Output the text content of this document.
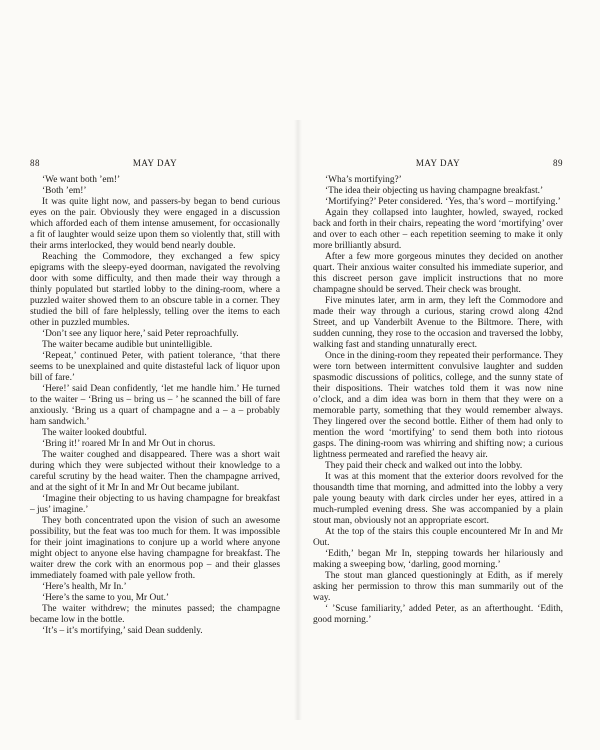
88	MAY DAY

‘We want both ’em!’

‘Both ’em!’

It was quite light now, and passers-by began to bend curious eyes on the pair. Obviously they were engaged in a discussion which afforded each of them intense amusement, for occasionally a fit of laughter would seize upon them so violently that, still with their arms interlocked, they would bend nearly double.

Reaching the Commodore, they exchanged a few spicy epigrams with the sleepy-eyed doorman, navigated the revolving door with some difficulty, and then made their way through a thinly populated but startled lobby to the dining-room, where a puzzled waiter showed them to an obscure table in a corner. They studied the bill of fare helplessly, telling over the items to each other in puzzled mumbles.

‘Don’t see any liquor here,’ said Peter reproachfully.

The waiter became audible but unintelligible.

‘Repeat,’ continued Peter, with patient tolerance, ‘that there seems to be unexplained and quite distasteful lack of liquor upon bill of fare.’

‘Here!’ said Dean confidently, ‘let me handle him.’ He turned to the waiter – ‘Bring us – bring us – ’ he scanned the bill of fare anxiously. ‘Bring us a quart of champagne and a – a – probably ham sandwich.’

The waiter looked doubtful.

‘Bring it!’ roared Mr In and Mr Out in chorus.

The waiter coughed and disappeared. There was a short wait during which they were subjected without their knowledge to a careful scrutiny by the head waiter. Then the champagne arrived, and at the sight of it Mr In and Mr Out became jubilant.

‘Imagine their objecting to us having champagne for breakfast – jus’ imagine.’

They both concentrated upon the vision of such an awesome possibility, but the feat was too much for them. It was impossible for their joint imaginations to conjure up a world where anyone might object to anyone else having champagne for breakfast. The waiter drew the cork with an enormous pop – and their glasses immediately foamed with pale yellow froth.

‘Here’s health, Mr In.’

‘Here’s the same to you, Mr Out.’

The waiter withdrew; the minutes passed; the champagne became low in the bottle.

‘It’s – it’s mortifying,’ said Dean suddenly.

MAY DAY	89

‘Wha’s mortifying?’

‘The idea their objecting us having champagne breakfast.’

‘Mortifying?’ Peter considered. ‘Yes, tha’s word – mortifying.’

Again they collapsed into laughter, howled, swayed, rocked back and forth in their chairs, repeating the word ‘mortifying’ over and over to each other – each repetition seeming to make it only more brilliantly absurd.

After a few more gorgeous minutes they decided on another quart. Their anxious waiter consulted his immediate superior, and this discreet person gave implicit instructions that no more champagne should be served. Their check was brought.

Five minutes later, arm in arm, they left the Commodore and made their way through a curious, staring crowd along 42nd Street, and up Vanderbilt Avenue to the Biltmore. There, with sudden cunning, they rose to the occasion and traversed the lobby, walking fast and standing unnaturally erect.

Once in the dining-room they repeated their performance. They were torn between intermittent convulsive laughter and sudden spasmodic discussions of politics, college, and the sunny state of their dispositions. Their watches told them it was now nine o’clock, and a dim idea was born in them that they were on a memorable party, something that they would remember always. They lingered over the second bottle. Either of them had only to mention the word ‘mortifying’ to send them both into riotous gasps. The dining-room was whirring and shifting now; a curious lightness permeated and rarefied the heavy air.

They paid their check and walked out into the lobby.

It was at this moment that the exterior doors revolved for the thousandth time that morning, and admitted into the lobby a very pale young beauty with dark circles under her eyes, attired in a much-rumpled evening dress. She was accompanied by a plain stout man, obviously not an appropriate escort.

At the top of the stairs this couple encountered Mr In and Mr Out.

‘Edith,’ began Mr In, stepping towards her hilariously and making a sweeping bow, ‘darling, good morning.’

The stout man glanced questioningly at Edith, as if merely asking her permission to throw this man summarily out of the way.

‘ ’Scuse familiarity,’ added Peter, as an afterthought. ‘Edith, good morning.’
